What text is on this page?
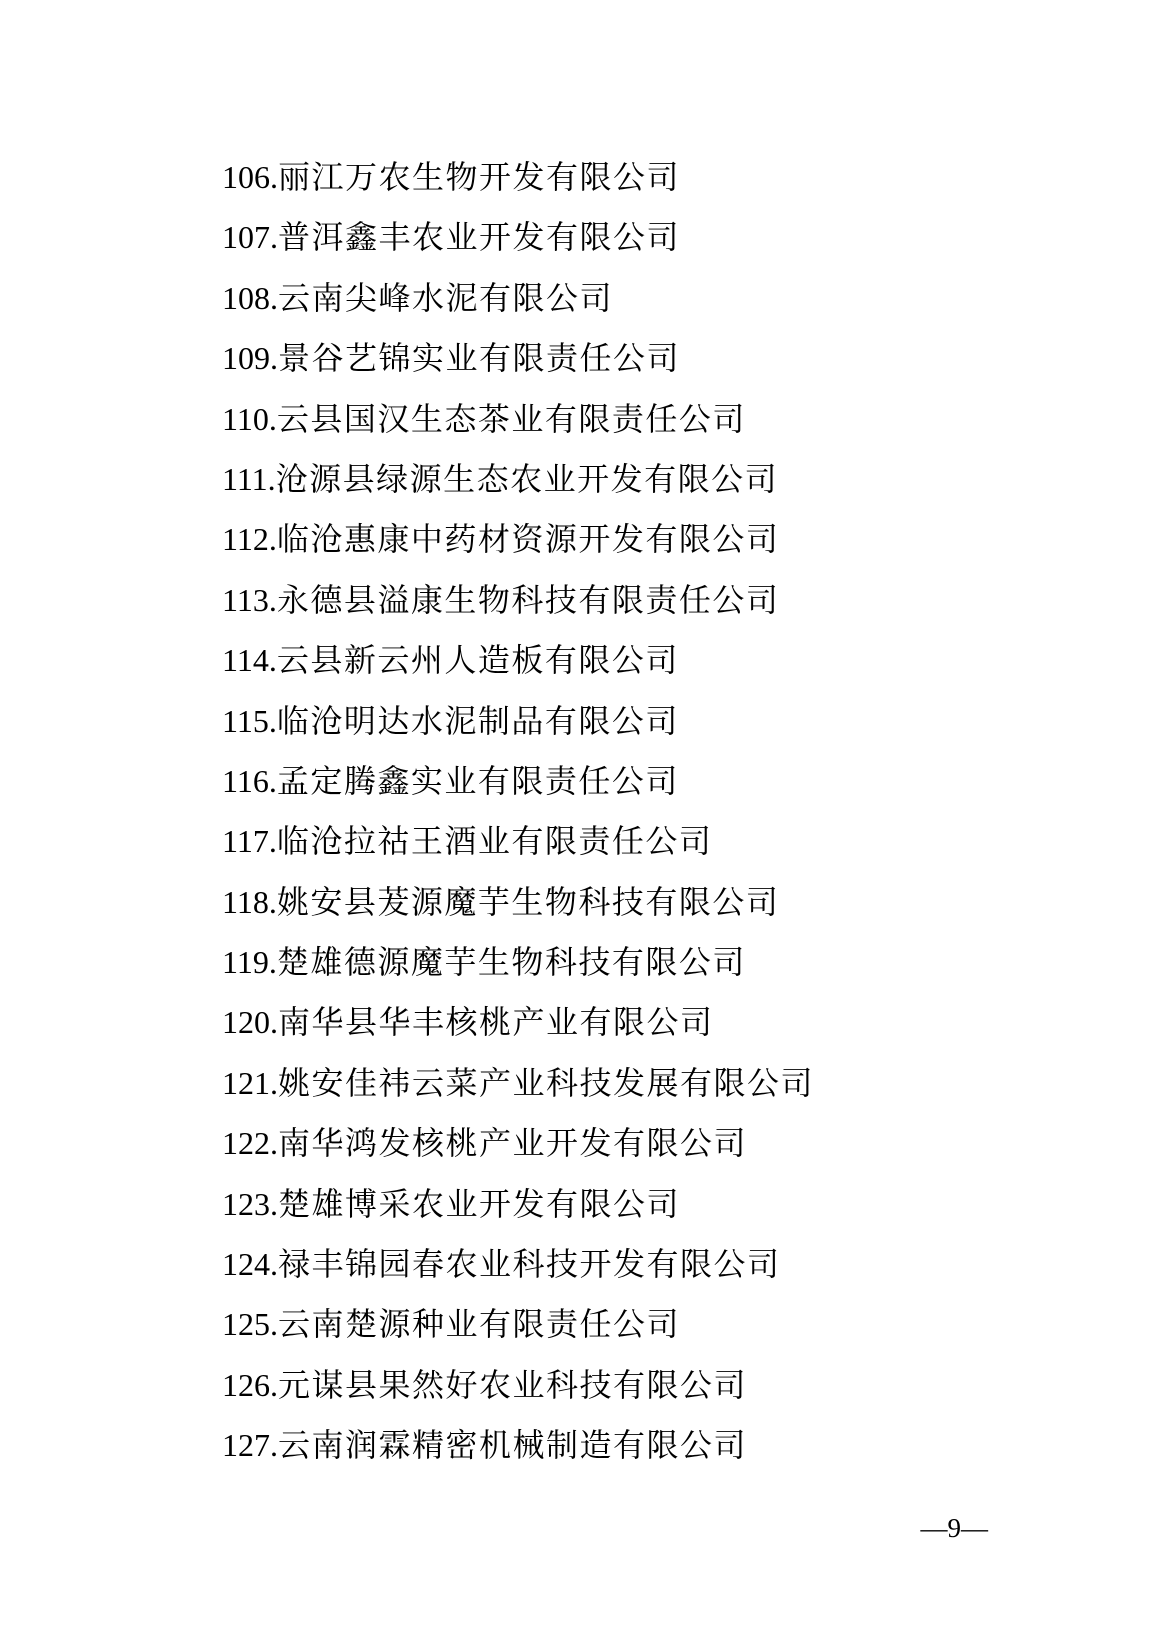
106.丽江万农生物开发有限公司
107.普洱鑫丰农业开发有限公司
108.云南尖峰水泥有限公司
109.景谷艺锦实业有限责任公司
110.云县国汉生态茶业有限责任公司
111.沧源县绿源生态农业开发有限公司
112.临沧惠康中药材资源开发有限公司
113.永德县溢康生物科技有限责任公司
114.云县新云州人造板有限公司
115.临沧明达水泥制品有限公司
116.孟定腾鑫实业有限责任公司
117.临沧拉祜王酒业有限责任公司
118.姚安县茇源魔芋生物科技有限公司
119.楚雄德源魔芋生物科技有限公司
120.南华县华丰核桃产业有限公司
121.姚安佳祎云菜产业科技发展有限公司
122.南华鸿发核桃产业开发有限公司
123.楚雄博采农业开发有限公司
124.禄丰锦园春农业科技开发有限公司
125.云南楚源种业有限责任公司
126.元谋县果然好农业科技有限公司
127.云南润霖精密机械制造有限公司
—9—
